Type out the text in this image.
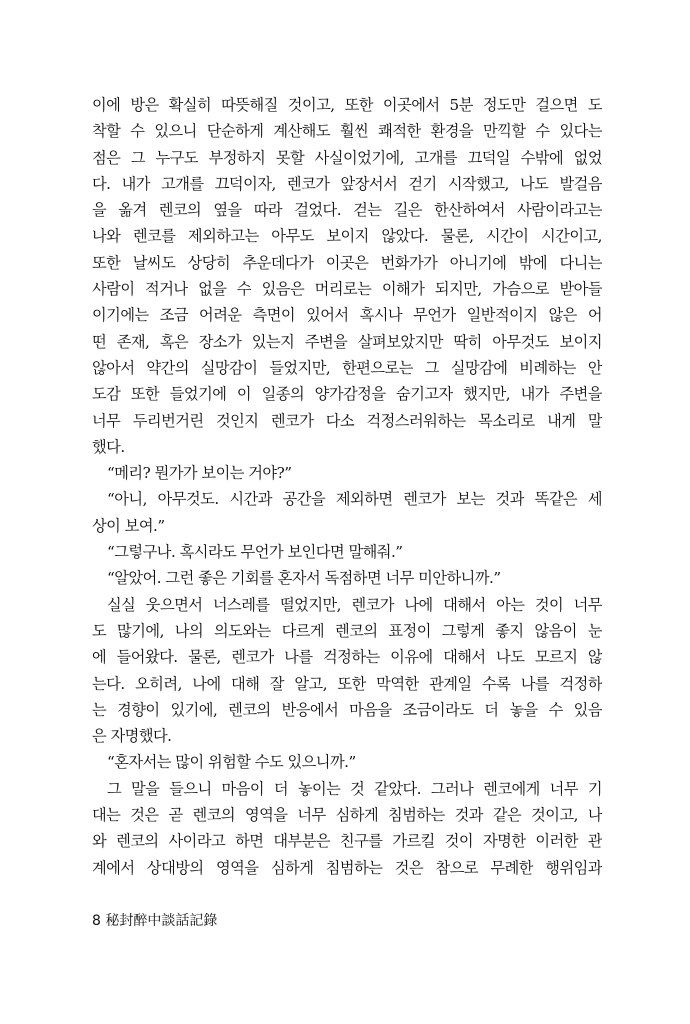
이에 방은 확실히 따뜻해질 것이고, 또한 이곳에서 5분 정도만 걸으면 도
착할 수 있으니 단순하게 계산해도 훨씬 쾌적한 환경을 만끽할 수 있다는
점은 그 누구도 부정하지 못할 사실이었기에, 고개를 끄덕일 수밖에 없었
다. 내가 고개를 끄덕이자, 렌코가 앞장서서 걷기 시작했고, 나도 발걸음
을 옮겨 렌코의 옆을 따라 걸었다. 걷는 길은 한산하여서 사람이라고는
나와 렌코를 제외하고는 아무도 보이지 않았다. 물론, 시간이 시간이고,
또한 날씨도 상당히 추운데다가 이곳은 번화가가 아니기에 밖에 다니는
사람이 적거나 없을 수 있음은 머리로는 이해가 되지만, 가슴으로 받아들
이기에는 조금 어려운 측면이 있어서 혹시나 무언가 일반적이지 않은 어
떤 존재, 혹은 장소가 있는지 주변을 살펴보았지만 딱히 아무것도 보이지
않아서 약간의 실망감이 들었지만, 한편으로는 그 실망감에 비례하는 안
도감 또한 들었기에 이 일종의 양가감정을 숨기고자 했지만, 내가 주변을
너무 두리번거린 것인지 렌코가 다소 걱정스러워하는 목소리로 내게 말
했다.
“메리? 뭔가가 보이는 거야?”
“아니, 아무것도. 시간과 공간을 제외하면 렌코가 보는 것과 똑같은 세
상이 보여.”
“그렇구나. 혹시라도 무언가 보인다면 말해줘.”
“알았어. 그런 좋은 기회를 혼자서 독점하면 너무 미안하니까.”
실실 웃으면서 너스레를 떨었지만, 렌코가 나에 대해서 아는 것이 너무
도 많기에, 나의 의도와는 다르게 렌코의 표정이 그렇게 좋지 않음이 눈
에 들어왔다. 물론, 렌코가 나를 걱정하는 이유에 대해서 나도 모르지 않
는다. 오히려, 나에 대해 잘 알고, 또한 막역한 관계일 수록 나를 걱정하
는 경향이 있기에, 렌코의 반응에서 마음을 조금이라도 더 놓을 수 있음
은 자명했다.
“혼자서는 많이 위험할 수도 있으니까.”
그 말을 들으니 마음이 더 놓이는 것 같았다. 그러나 렌코에게 너무 기
대는 것은 곧 렌코의 영역을 너무 심하게 침범하는 것과 같은 것이고, 나
와 렌코의 사이라고 하면 대부분은 친구를 가르킬 것이 자명한 이러한 관
계에서 상대방의 영역을 심하게 침범하는 것은 참으로 무례한 행위임과
8 秘封醉中談話記錄
